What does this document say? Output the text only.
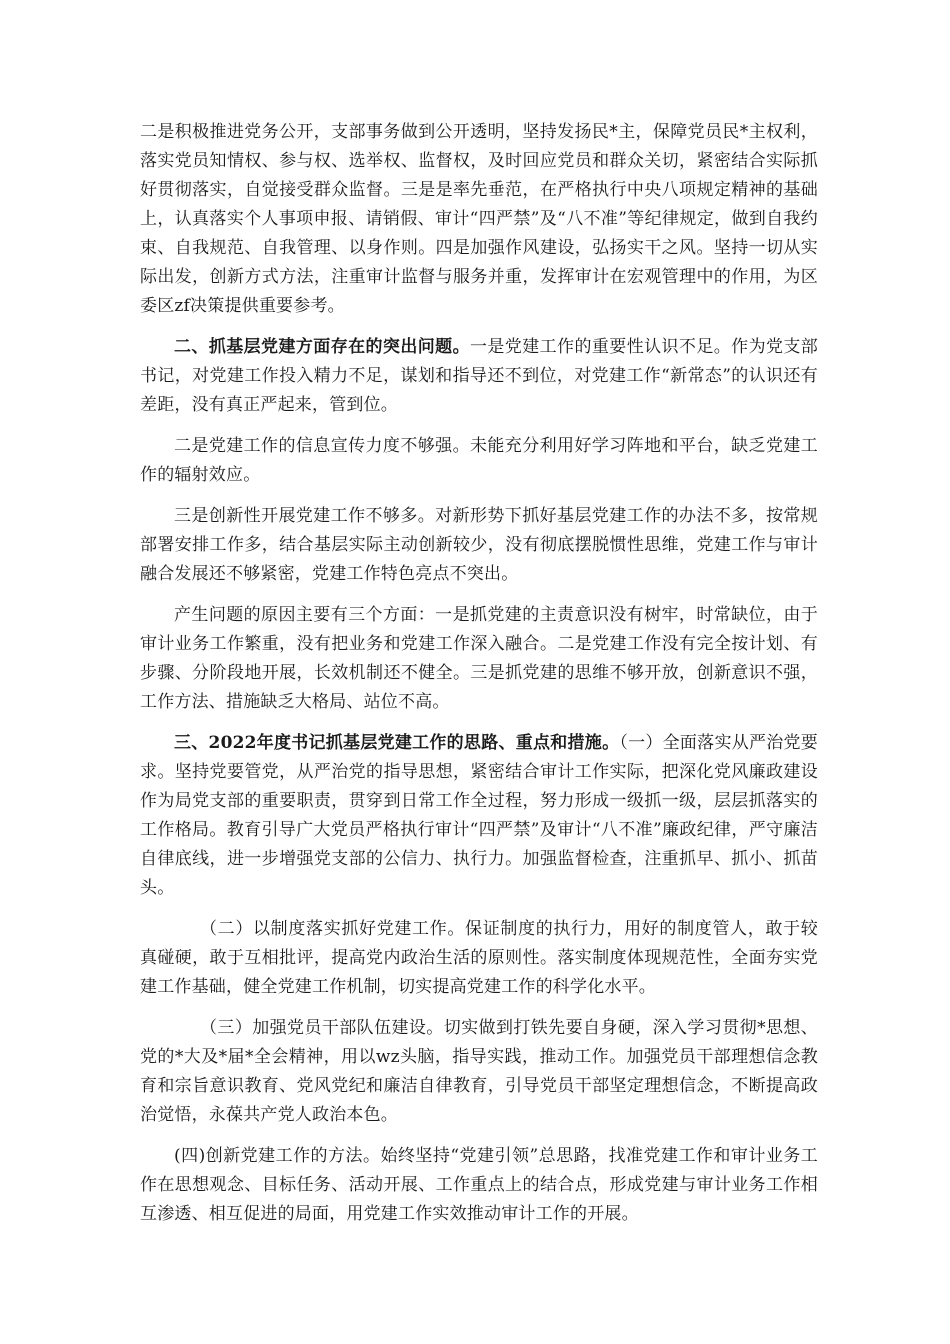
二是积极推进党务公开，支部事务做到公开透明，坚持发扬民*主，保障党员民*主权利，落实党员知情权、参与权、选举权、监督权，及时回应党员和群众关切，紧密结合实际抓好贯彻落实，自觉接受群众监督。三是是率先垂范，在严格执行中央八项规定精神的基础上，认真落实个人事项申报、请销假、审计“四严禁”及“八不准”等纪律规定，做到自我约束、自我规范、自我管理、以身作则。四是加强作风建设，弘扬实干之风。坚持一切从实际出发，创新方式方法，注重审计监督与服务并重，发挥审计在宏观管理中的作用，为区委区zf决策提供重要参考。

二、抓基层党建方面存在的突出问题。一是党建工作的重要性认识不足。作为党支部书记，对党建工作投入精力不足，谋划和指导还不到位，对党建工作“新常态”的认识还有差距，没有真正严起来，管到位。

二是党建工作的信息宣传力度不够强。未能充分利用好学习阵地和平台，缺乏党建工作的辐射效应。

三是创新性开展党建工作不够多。对新形势下抓好基层党建工作的办法不多，按常规部署安排工作多，结合基层实际主动创新较少，没有彻底摆脱惯性思维，党建工作与审计融合发展还不够紧密，党建工作特色亮点不突出。

产生问题的原因主要有三个方面：一是抓党建的主责意识没有树牢，时常缺位，由于审计业务工作繁重，没有把业务和党建工作深入融合。二是党建工作没有完全按计划、有步骤、分阶段地开展，长效机制还不健全。三是抓党建的思维不够开放，创新意识不强，工作方法、措施缺乏大格局、站位不高。

三、2022年度书记抓基层党建工作的思路、重点和措施。（一）全面落实从严治党要求。坚持党要管党，从严治党的指导思想，紧密结合审计工作实际，把深化党风廉政建设作为局党支部的重要职责，贯穿到日常工作全过程，努力形成一级抓一级，层层抓落实的工作格局。教育引导广大党员严格执行审计“四严禁”及审计“八不准”廉政纪律，严守廉洁自律底线，进一步增强党支部的公信力、执行力。加强监督检查，注重抓早、抓小、抓苗头。

（二）以制度落实抓好党建工作。保证制度的执行力，用好的制度管人，敢于较真碰硬，敢于互相批评，提高党内政治生活的原则性。落实制度体现规范性，全面夯实党建工作基础，健全党建工作机制，切实提高党建工作的科学化水平。

（三）加强党员干部队伍建设。切实做到打铁先要自身硬，深入学习贯彻*思想、党的*大及*届*全会精神，用以wz头脑，指导实践，推动工作。加强党员干部理想信念教育和宗旨意识教育、党风党纪和廉洁自律教育，引导党员干部坚定理想信念，不断提高政治觉悟，永葆共产党人政治本色。

(四)创新党建工作的方法。始终坚持“党建引领”总思路，找准党建工作和审计业务工作在思想观念、目标任务、活动开展、工作重点上的结合点，形成党建与审计业务工作相互渗透、相互促进的局面，用党建工作实效推动审计工作的开展。
